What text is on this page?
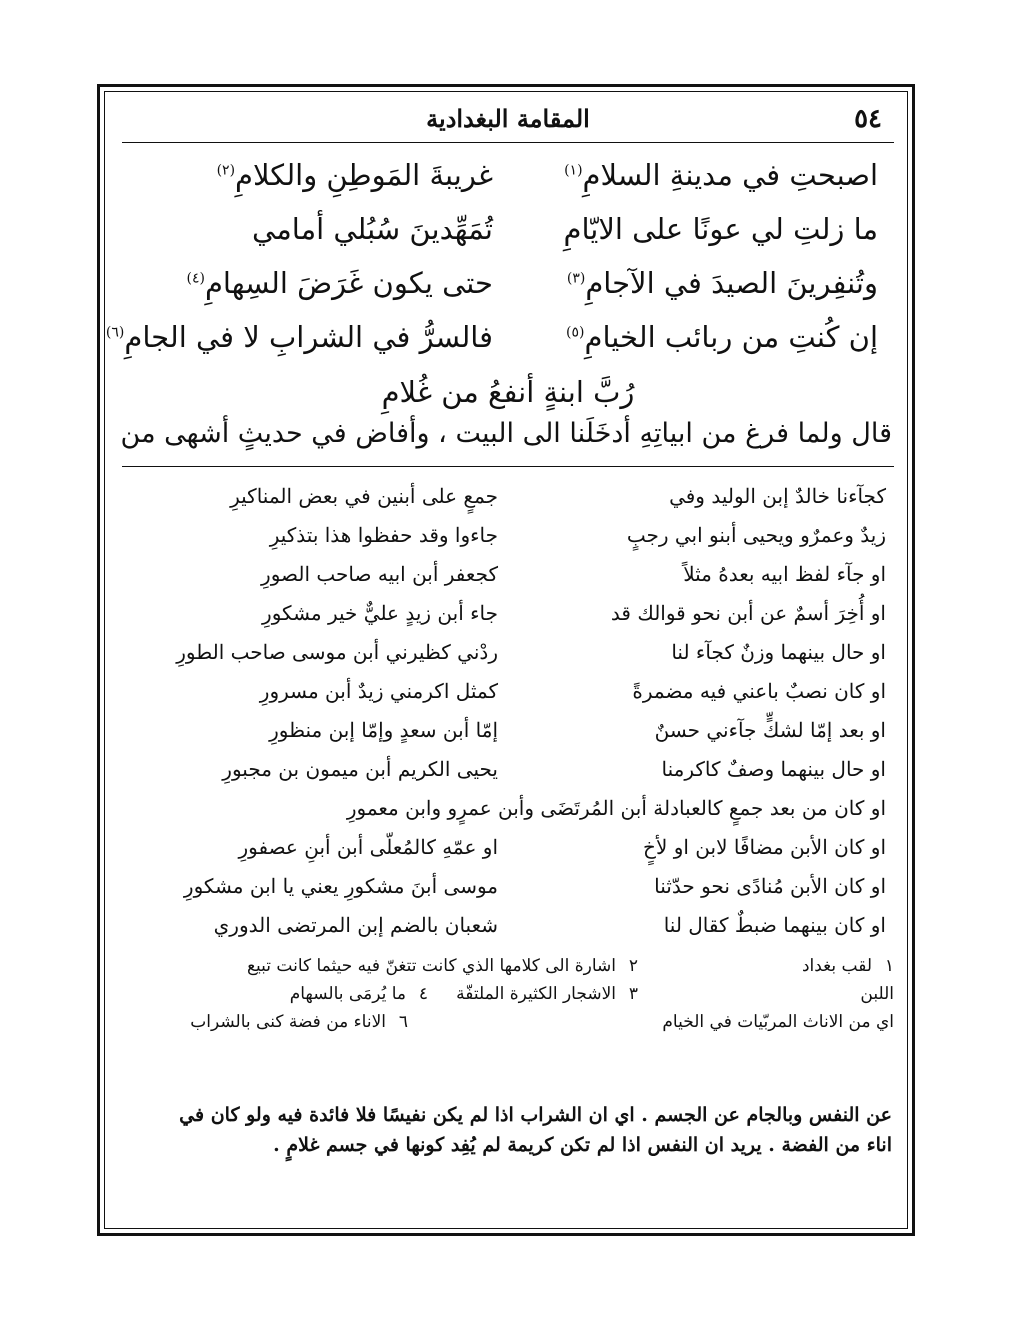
٥٤
المقامة البغدادية
اصبحتِ في مدينةِ السلامِ$^{(١)}$
غريبةَ المَوطِنِ والكلامِ$^{(٢)}$
ما زلتِ لي عونًا على الايّامِ
تُمَهِّدينَ سُبُلي أمامي
وتُنفِرينَ الصيدَ في الآجامِ$^{(٣)}$
حتى يكون غَرَضَ السِهامِ$^{(٤)}$
إن كُنتِ من ربائب الخيامِ$^{(٥)}$
فالسرُّ في الشرابِ لا في الجامِ$^{(٦)}$
رُبَّ ابنةٍ أنفعُ من غُلامِ
قال ولما فرغ من ابياتِهِ أدخَلَنا الى البيت ، وأفاض في حديثٍ أشهى من
كجآءنا خالدٌ إبن الوليد وفي
جمعٍ على أبنين في بعض المناكيرِ
زيدٌ وعمرٌو ويحيى أبنو ابي رجبٍ
جاءوا وقد حفظوا هذا بتذكيرِ
او جآء لفظ ابيه بعدهُ مثلاً
كجعفر أبن ابيه صاحب الصورِ
او أُخِرَ أسمٌ عن أبن نحو قوالك قد
جاء أبن زيدٍ عليٌّ خير مشكورِ
او حال بينهما وزنٌ كجآء لنا
ردْني كظيرني أبن موسى صاحب الطورِ
او كان نصبٌ باعني فيه مضمرةً
كمثل اكرمني زيدٌ أبن مسرورِ
او بعد إمّا لشكٍّ جآءني حسنٌ
إمّا أبن سعدٍ وإمّا إبن منظورِ
او حال بينهما وصفٌ كاكرمنا
يحيى الكريم أبن ميمون بن مجبورِ
او كان من بعد جمعٍ كالعبادلة أبن المُرتَضَى وأبن عمرٍو وابن معمورِ
او كان الأبن مضافًا لابن او لأخٍ
او عمّهِ كالمُعلّى أبن أبنِ عصفورِ
او كان الأبن مُنادًى نحو حدّثنا
موسى أبنَ مشكورِ يعني يا ابن مشكورِ
او كان بينهما ضبطٌ كقال لنا
شعبان بالضم إبن المرتضى الدوري
١
لقب بغداد
٢
اشارة الى كلامها الذي كانت تتغنّ فيه حيثما كانت تبيع
اللبن
٣
الاشجار الكثيرة الملتفّة
٤
ما يُرمَى بالسهام
اي من الاناث المربّيات في الخيام
٦
الاناء من فضة كنى بالشراب
عن النفس وبالجام عن الجسم . اي ان الشراب اذا لم يكن نفيسًا فلا فائدة فيه ولو كان في
اناء من الفضة . يريد ان النفس اذا لم تكن كريمة لم يُفِد كونها في جسم غلامٍ .
